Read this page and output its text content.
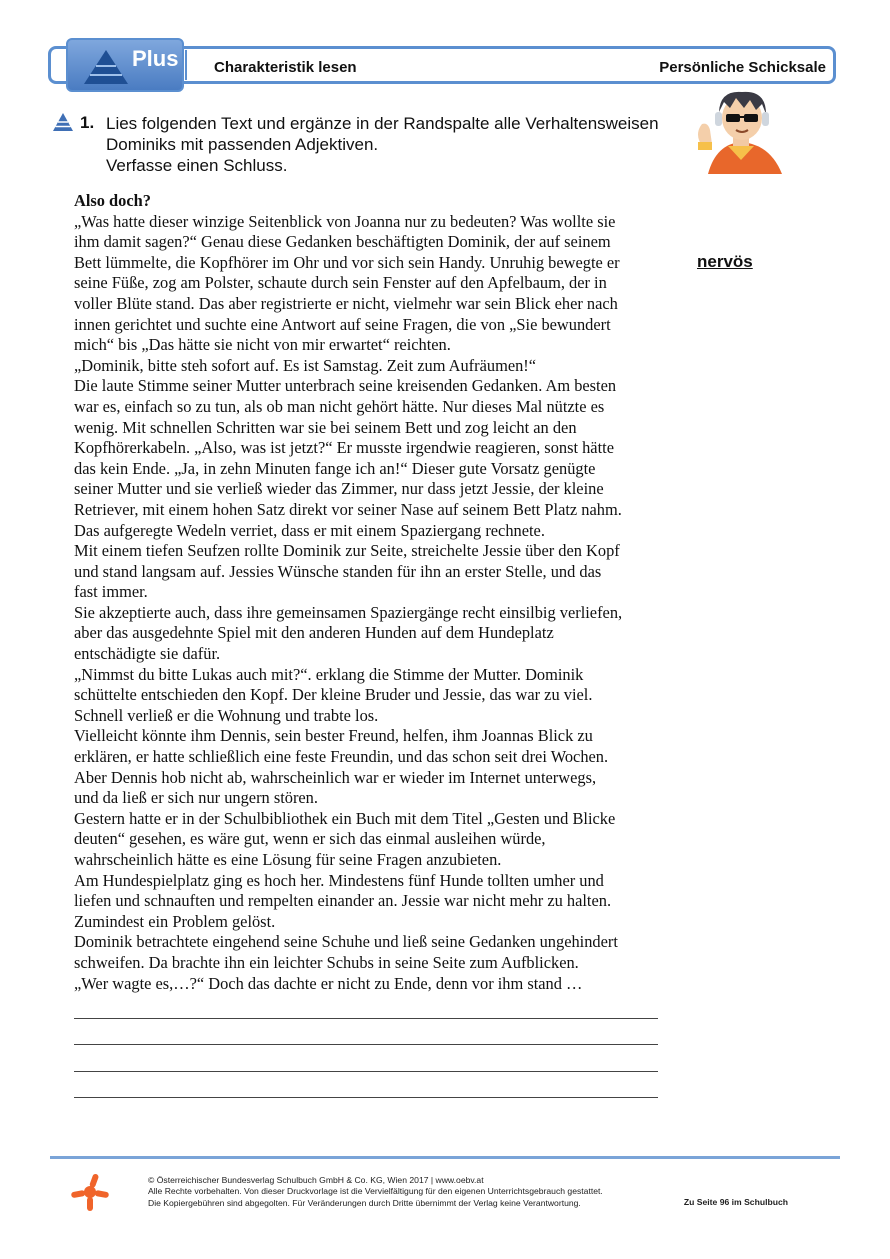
Plus Charakteristik lesen	Persönliche Schicksale
1. Lies folgenden Text und ergänze in der Randspalte alle Verhaltensweisen
Dominiks mit passenden Adjektiven.
Verfasse einen Schluss.
Also doch?
„Was hatte dieser winzige Seitenblick von Joanna nur zu bedeuten? Was wollte sie
ihm damit sagen?“ Genau diese Gedanken beschäftigten Dominik, der auf seinem
Bett lümmelte, die Kopfhörer im Ohr und vor sich sein Handy. Unruhig bewegte er
seine Füße, zog am Polster, schaute durch sein Fenster auf den Apfelbaum, der in
voller Blüte stand. Das aber registrierte er nicht, vielmehr war sein Blick eher nach
innen gerichtet und suchte eine Antwort auf seine Fragen, die von „Sie bewundert
mich“ bis „Das hätte sie nicht von mir erwartet“ reichten.
„Dominik, bitte steh sofort auf. Es ist Samstag. Zeit zum Aufräumen!“
Die laute Stimme seiner Mutter unterbrach seine kreisenden Gedanken. Am besten
war es, einfach so zu tun, als ob man nicht gehört hätte. Nur dieses Mal nützte es
wenig. Mit schnellen Schritten war sie bei seinem Bett und zog leicht an den
Kopfhörerkabeln. „Also, was ist jetzt?“ Er musste irgendwie reagieren, sonst hätte
das kein Ende. „Ja, in zehn Minuten fange ich an!“ Dieser gute Vorsatz genügte
seiner Mutter und sie verließ wieder das Zimmer, nur dass jetzt Jessie, der kleine
Retriever, mit einem hohen Satz direkt vor seiner Nase auf seinem Bett Platz nahm.
Das aufgeregte Wedeln verriet, dass er mit einem Spaziergang rechnete.
Mit einem tiefen Seufzen rollte Dominik zur Seite, streichelte Jessie über den Kopf
und stand langsam auf. Jessies Wünsche standen für ihn an erster Stelle, und das
fast immer.
Sie akzeptierte auch, dass ihre gemeinsamen Spaziergänge recht einsilbig verliefen,
aber das ausgedehnte Spiel mit den anderen Hunden auf dem Hundeplatz
entschädigte sie dafür.
„Nimmst du bitte Lukas auch mit?“. erklang die Stimme der Mutter. Dominik
schüttelte entschieden den Kopf. Der kleine Bruder und Jessie, das war zu viel.
Schnell verließ er die Wohnung und trabte los.
Vielleicht könnte ihm Dennis, sein bester Freund, helfen, ihm Joannas Blick zu
erklären, er hatte schließlich eine feste Freundin, und das schon seit drei Wochen.
Aber Dennis hob nicht ab, wahrscheinlich war er wieder im Internet unterwegs,
und da ließ er sich nur ungern stören.
Gestern hatte er in der Schulbibliothek ein Buch mit dem Titel „Gesten und Blicke
deuten“ gesehen, es wäre gut, wenn er sich das einmal ausleihen würde,
wahrscheinlich hätte es eine Lösung für seine Fragen anzubieten.
Am Hundespielplatz ging es hoch her. Mindestens fünf Hunde tollten umher und
liefen und schnauften und rempelten einander an. Jessie war nicht mehr zu halten.
Zumindest ein Problem gelöst.
Dominik betrachtete eingehend seine Schuhe und ließ seine Gedanken ungehindert
schweifen. Da brachte ihn ein leichter Schubs in seine Seite zum Aufblicken.
„Wer wagte es,…?“ Doch das dachte er nicht zu Ende, denn vor ihm stand …
nervös
© Österreichischer Bundesverlag Schulbuch GmbH & Co. KG, Wien 2017 | www.oebv.at
Alle Rechte vorbehalten. Von dieser Druckvorlage ist die Vervielfältigung für den eigenen Unterrichtsgebrauch gestattet.
Die Kopiergebühren sind abgegolten. Für Veränderungen durch Dritte übernimmt der Verlag keine Verantwortung.	Zu Seite 96 im Schulbuch
